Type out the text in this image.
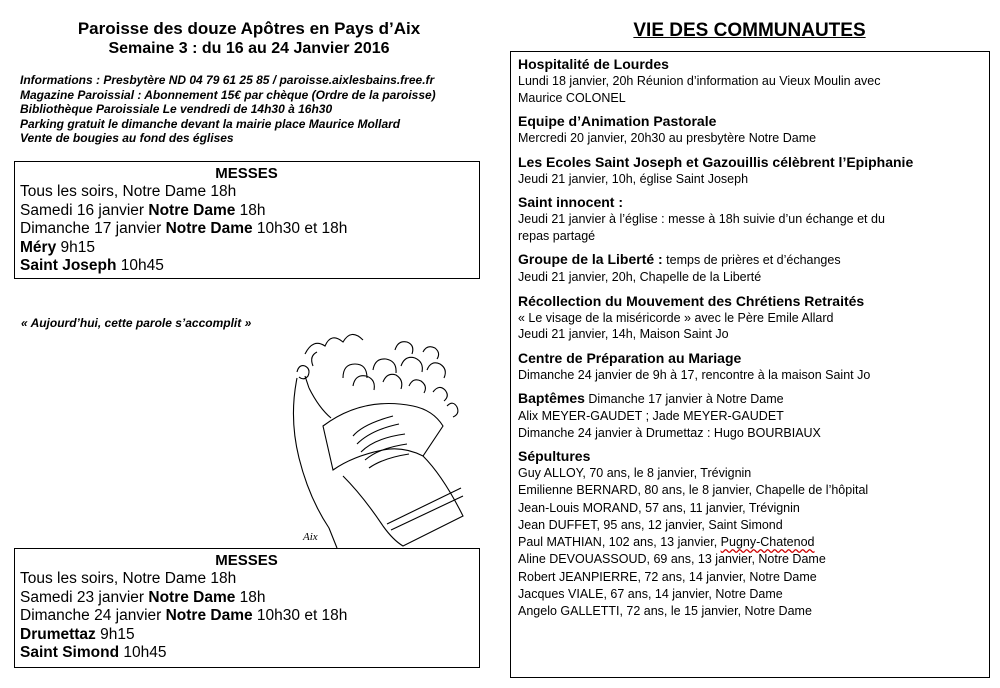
Paroisse des douze Apôtres en Pays d’Aix
Semaine 3 : du 16 au 24 Janvier 2016
Informations : Presbytère ND 04 79 61 25 85 / paroisse.aixlesbains.free.fr
Magazine Paroissial : Abonnement 15€ par chèque (Ordre de la paroisse)
Bibliothèque Paroissiale Le vendredi de 14h30 à 16h30
Parking gratuit le dimanche devant la mairie place Maurice Mollard
Vente de bougies au fond des églises
MESSES
Tous les soirs, Notre Dame 18h
Samedi 16 janvier Notre Dame 18h
Dimanche 17 janvier Notre Dame 10h30 et 18h
Méry 9h15
Saint Joseph 10h45
« Aujourd’hui, cette parole s’accomplit »
Aix
MESSES
Tous les soirs, Notre Dame 18h
Samedi 23 janvier Notre Dame 18h
Dimanche 24 janvier Notre Dame 10h30 et 18h
Drumettaz 9h15
Saint Simond 10h45
VIE DES COMMUNAUTES
Hospitalité de Lourdes
Lundi 18 janvier, 20h Réunion d’information au Vieux Moulin avec
Maurice COLONEL
Equipe d’Animation Pastorale
Mercredi 20 janvier, 20h30 au presbytère Notre Dame
Les Ecoles Saint Joseph et Gazouillis célèbrent l’Epiphanie
Jeudi 21 janvier, 10h, église Saint Joseph
Saint innocent :
Jeudi 21 janvier à l’église : messe à 18h suivie d’un échange et du
repas partagé
Groupe de la Liberté : temps de prières et d’échanges
Jeudi 21 janvier, 20h, Chapelle de la Liberté
Récollection du Mouvement des Chrétiens Retraités
« Le visage de la miséricorde » avec le Père Emile Allard
Jeudi 21 janvier, 14h, Maison Saint Jo
Centre de Préparation au Mariage
Dimanche 24 janvier de 9h à 17, rencontre à la maison Saint Jo
Baptêmes Dimanche 17 janvier à Notre Dame
Alix MEYER-GAUDET ; Jade MEYER-GAUDET
Dimanche 24 janvier à Drumettaz : Hugo BOURBIAUX
Sépultures
Guy ALLOY, 70 ans, le 8 janvier, Trévignin
Emilienne BERNARD, 80 ans, le 8 janvier, Chapelle de l’hôpital
Jean-Louis MORAND, 57 ans, 11 janvier, Trévignin
Jean DUFFET, 95 ans, 12 janvier, Saint Simond
Paul MATHIAN, 102 ans, 13 janvier, Pugny-Chatenod
Aline DEVOUASSOUD, 69 ans, 13 janvier, Notre Dame
Robert JEANPIERRE, 72 ans, 14 janvier, Notre Dame
Jacques VIALE, 67 ans, 14 janvier, Notre Dame
Angelo GALLETTI, 72 ans, le 15 janvier, Notre Dame
